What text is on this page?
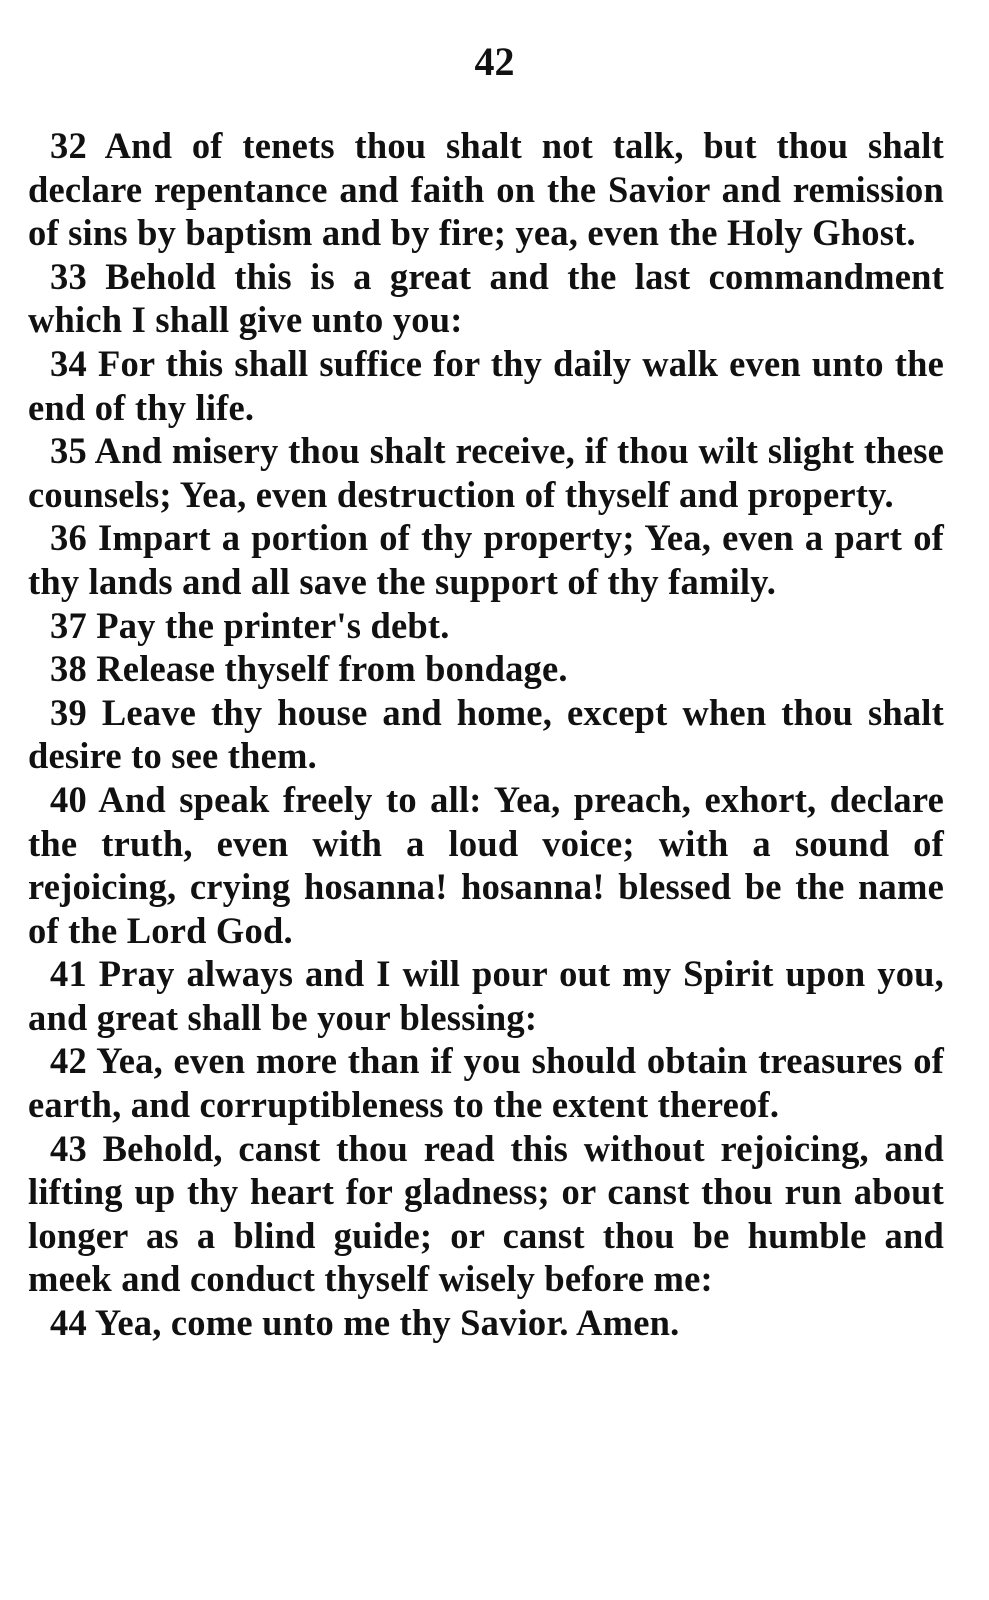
42

32 And of tenets thou shalt not talk, but thou shalt declare repentance and faith on the Savior and remission of sins by baptism and by fire; yea, even the Holy Ghost.

33 Behold this is a great and the last commandment which I shall give unto you:

34 For this shall suffice for thy daily walk even unto the end of thy life.

35 And misery thou shalt receive, if thou wilt slight these counsels; Yea, even destruction of thyself and property.

36 Impart a portion of thy property; Yea, even a part of thy lands and all save the support of thy family.

37 Pay the printer's debt.

38 Release thyself from bondage.

39 Leave thy house and home, except when thou shalt desire to see them.

40 And speak freely to all: Yea, preach, exhort, declare the truth, even with a loud voice; with a sound of rejoicing, crying hosanna! hosanna! blessed be the name of the Lord God.

41 Pray always and I will pour out my Spirit upon you, and great shall be your blessing:

42 Yea, even more than if you should obtain treasures of earth, and corruptibleness to the extent thereof.

43 Behold, canst thou read this without rejoicing, and lifting up thy heart for gladness; or canst thou run about longer as a blind guide; or canst thou be humble and meek and conduct thyself wisely before me:

44 Yea, come unto me thy Savior. Amen.
